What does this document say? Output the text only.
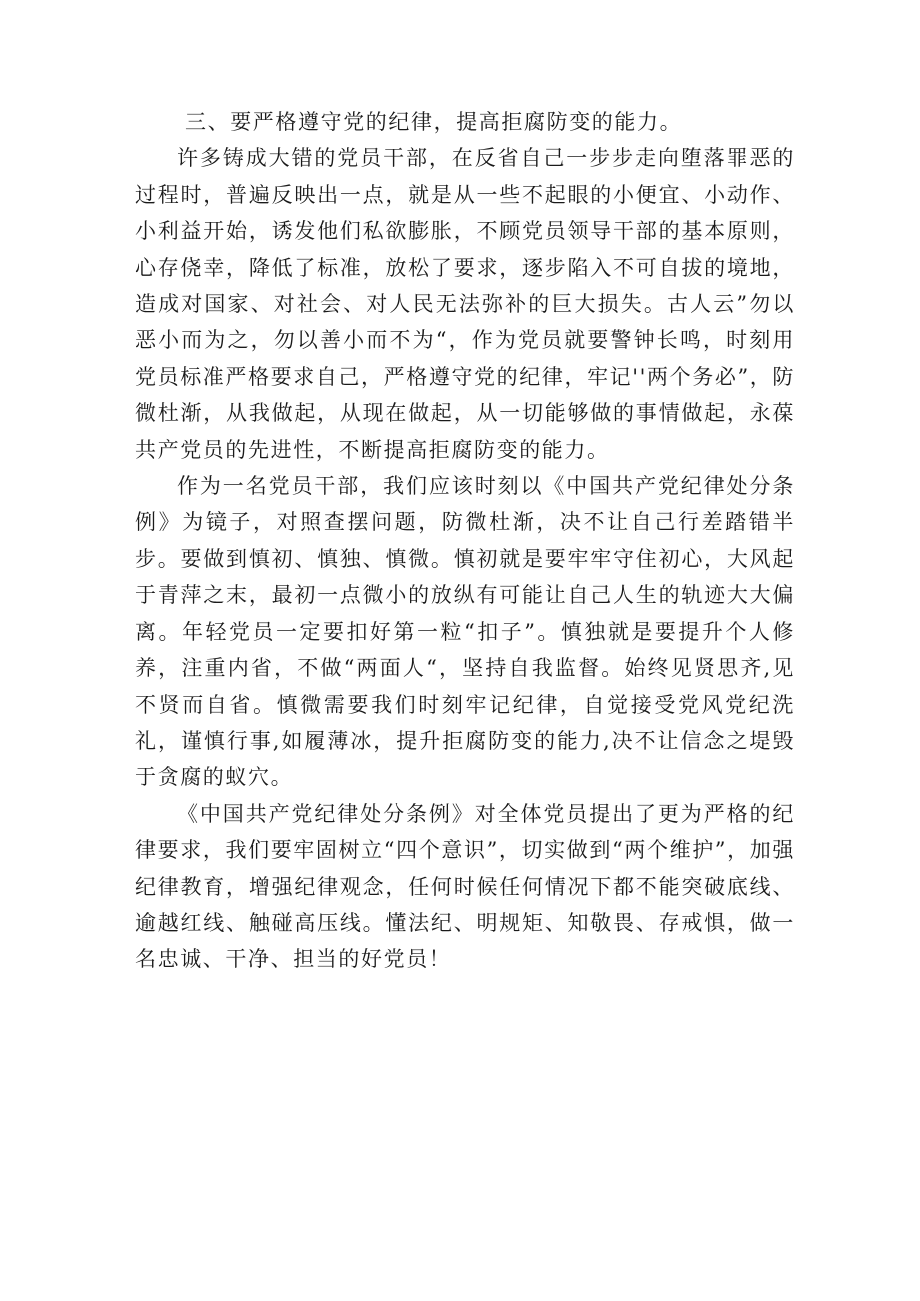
三、要严格遵守党的纪律，提高拒腐防变的能力。

许多铸成大错的党员干部，在反省自己一步步走向堕落罪恶的过程时，普遍反映出一点，就是从一些不起眼的小便宜、小动作、小利益开始，诱发他们私欲膨胀，不顾党员领导干部的基本原则，心存侥幸，降低了标准，放松了要求，逐步陷入不可自拔的境地，造成对国家、对社会、对人民无法弥补的巨大损失。古人云”勿以恶小而为之，勿以善小而不为“，作为党员就要警钟长鸣，时刻用党员标准严格要求自己，严格遵守党的纪律，牢记''两个务必”，防微杜渐，从我做起，从现在做起，从一切能够做的事情做起，永葆共产党员的先进性，不断提高拒腐防变的能力。

作为一名党员干部，我们应该时刻以《中国共产党纪律处分条例》为镜子，对照查摆问题，防微杜渐，决不让自己行差踏错半步。要做到慎初、慎独、慎微。慎初就是要牢牢守住初心，大风起于青萍之末，最初一点微小的放纵有可能让自己人生的轨迹大大偏离。年轻党员一定要扣好第一粒“扣子”。慎独就是要提升个人修养，注重内省，不做“两面人“，坚持自我监督。始终见贤思齐,见不贤而自省。慎微需要我们时刻牢记纪律，自觉接受党风党纪洗礼，谨慎行事,如履薄冰，提升拒腐防变的能力,决不让信念之堤毁于贪腐的蚁穴。

《中国共产党纪律处分条例》对全体党员提出了更为严格的纪律要求，我们要牢固树立“四个意识”，切实做到“两个维护”，加强纪律教育，增强纪律观念，任何时候任何情况下都不能突破底线、逾越红线、触碰高压线。懂法纪、明规矩、知敬畏、存戒惧，做一名忠诚、干净、担当的好党员！
